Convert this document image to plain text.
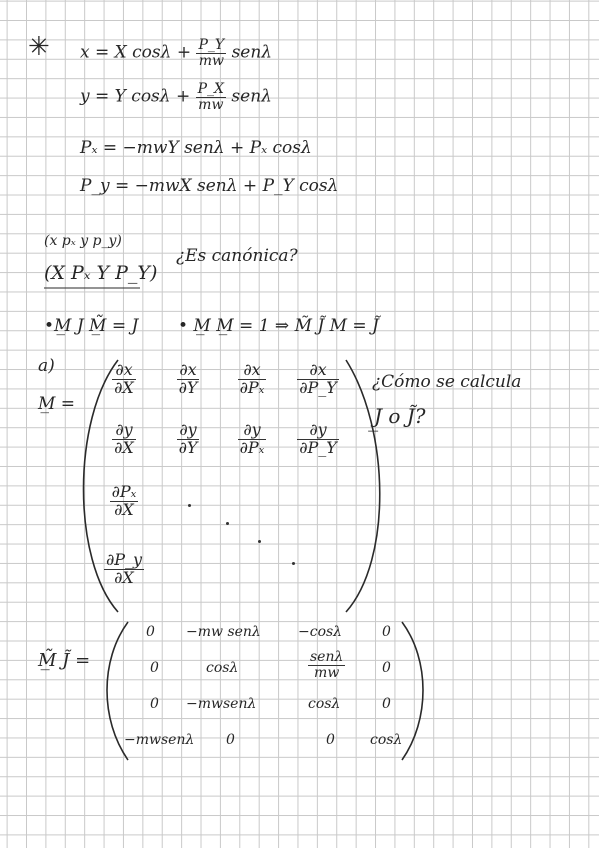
✳ x = X $\cos\lambda + \frac{P\_Y}{mw}$ senλ
y = Y $\cos\lambda + \frac{P\_X}{mw}$ senλ
Pₓ = −mwY senλ + Pₓ cosλ
P_y = −mwX senλ + P_Y cosλ
(x pₓ y p_y)
(X Pₓ Y P_Y)
¿Es canónica?
•M̲ J M̲̃ = J • M̲ M̲ = 1 ⇒ M̃ J̃ M = J̃
a)
M̲ =
$\frac{\partial x}{\partial X}$	$\frac{\partial x}{\partial Y} \frac{\partial x}{\text{∂Pₓ}} \frac{\partial x}{\partial P\_Y}$
$\frac{\partial y}{\partial X}$	$\frac{\partial y}{\partial Y} \frac{\partial y}{\text{∂Pₓ}} \frac{\partial y}{\partial P\_Y}$
$\frac{\text{∂Pₓ}}{\partial X}$
$\frac{\partial P\_y}{\partial X}$
¿Cómo se calcula
J̲ o J̃?
M̲̃ J̃ =
0 −mw senλ	−cosλ	0
0	cosλ	$\frac{\text{senλ}}{mw}$	0
0 −mwsenλ	cosλ	0
−mwsenλ 0	0	cosλ
